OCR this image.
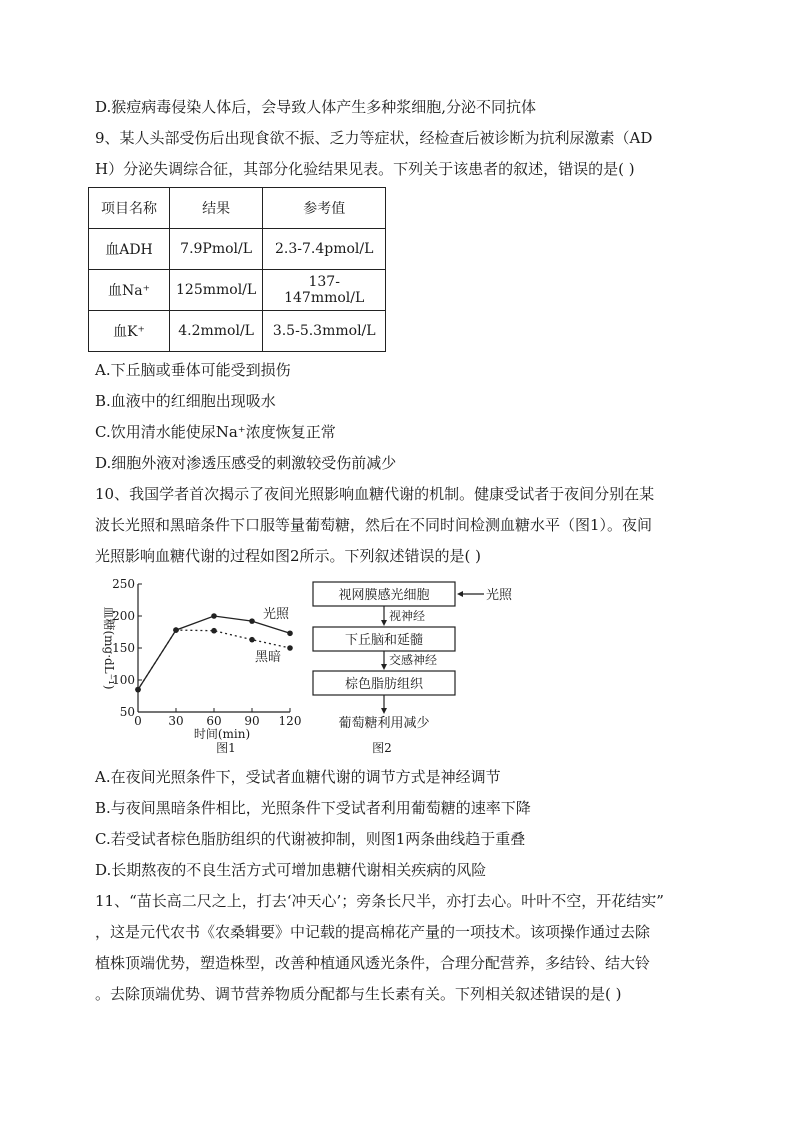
D.猴痘病毒侵染人体后，会导致人体产生多种浆细胞,分泌不同抗体
9、某人头部受伤后出现食欲不振、乏力等症状，经检查后被诊断为抗利尿激素（AD
H）分泌失调综合征，其部分化验结果见表。下列关于该患者的叙述，错误的是( )
项目名称	结果	参考值
血ADH	7.9Pmol/L	2.3-7.4pmol/L
血Na⁺	125mmol/L	137-147mmol/L
血K⁺	4.2mmol/L	3.5-5.3mmol/L
A.下丘脑或垂体可能受到损伤
B.血液中的红细胞出现吸水
C.饮用清水能使尿Na⁺浓度恢复正常
D.细胞外液对渗透压感受的刺激较受伤前减少
10、我国学者首次揭示了夜间光照影响血糖代谢的机制。健康受试者于夜间分别在某
波长光照和黑暗条件下口服等量葡萄糖，然后在不同时间检测血糖水平（图1）。夜间
光照影响血糖代谢的过程如图2所示。下列叙述错误的是( )
50
100
150
200
250
0 30 60 90 120
时间(min)
血糖(mg·dL⁻¹)	光照
黑暗
图1
视网膜感光细胞
下丘脑和延髓
棕色脂肪组织
光照
视神经
交感神经
葡萄糖利用减少
图2
A.在夜间光照条件下，受试者血糖代谢的调节方式是神经调节
B.与夜间黑暗条件相比，光照条件下受试者利用葡萄糖的速率下降
C.若受试者棕色脂肪组织的代谢被抑制，则图1两条曲线趋于重叠
D.长期熬夜的不良生活方式可增加患糖代谢相关疾病的风险
11、“苗长高二尺之上，打去‘冲天心’；旁条长尺半，亦打去心。叶叶不空，开花结实”
，这是元代农书《农桑辑要》中记载的提高棉花产量的一项技术。该项操作通过去除
植株顶端优势，塑造株型，改善种植通风透光条件，合理分配营养，多结铃、结大铃
。去除顶端优势、调节营养物质分配都与生长素有关。下列相关叙述错误的是( )
